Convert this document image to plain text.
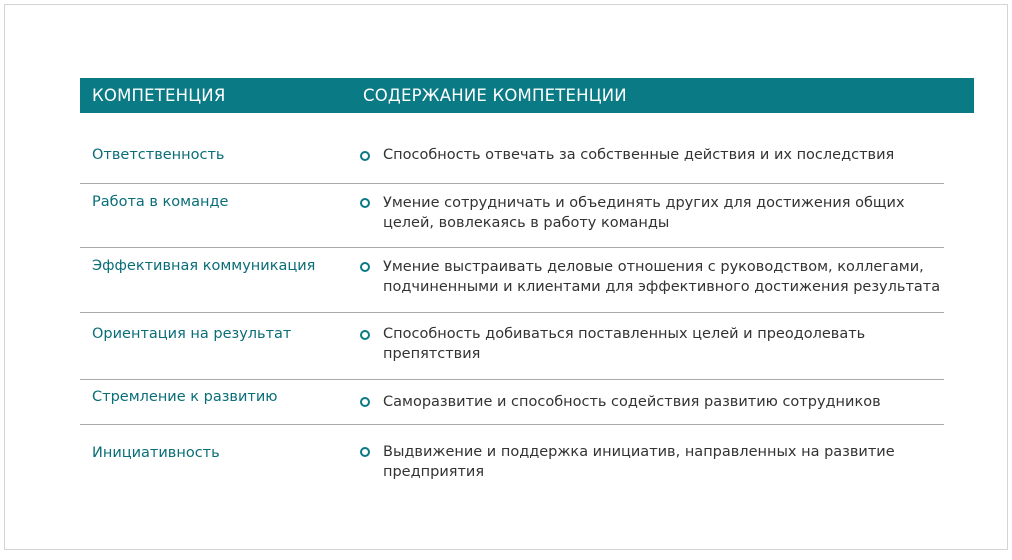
КОМПЕТЕНЦИЯ	СОДЕРЖАНИЕ КОМПЕТЕНЦИИ
Ответственность	Способность отвечать за собственные действия и их последствия
Работа в команде	Умение сотрудничать и объединять других для достижения общих целей, вовлекаясь в работу команды
Эффективная коммуникация	Умение выстраивать деловые отношения с руководством, коллегами, подчиненными и клиентами для эффективного достижения результата
Ориентация на результат	Способность добиваться поставленных целей и преодолевать препятствия
Стремление к развитию	Саморазвитие и способность содействия развитию сотрудников
Инициативность	Выдвижение и поддержка инициатив, направленных на развитие предприятия
